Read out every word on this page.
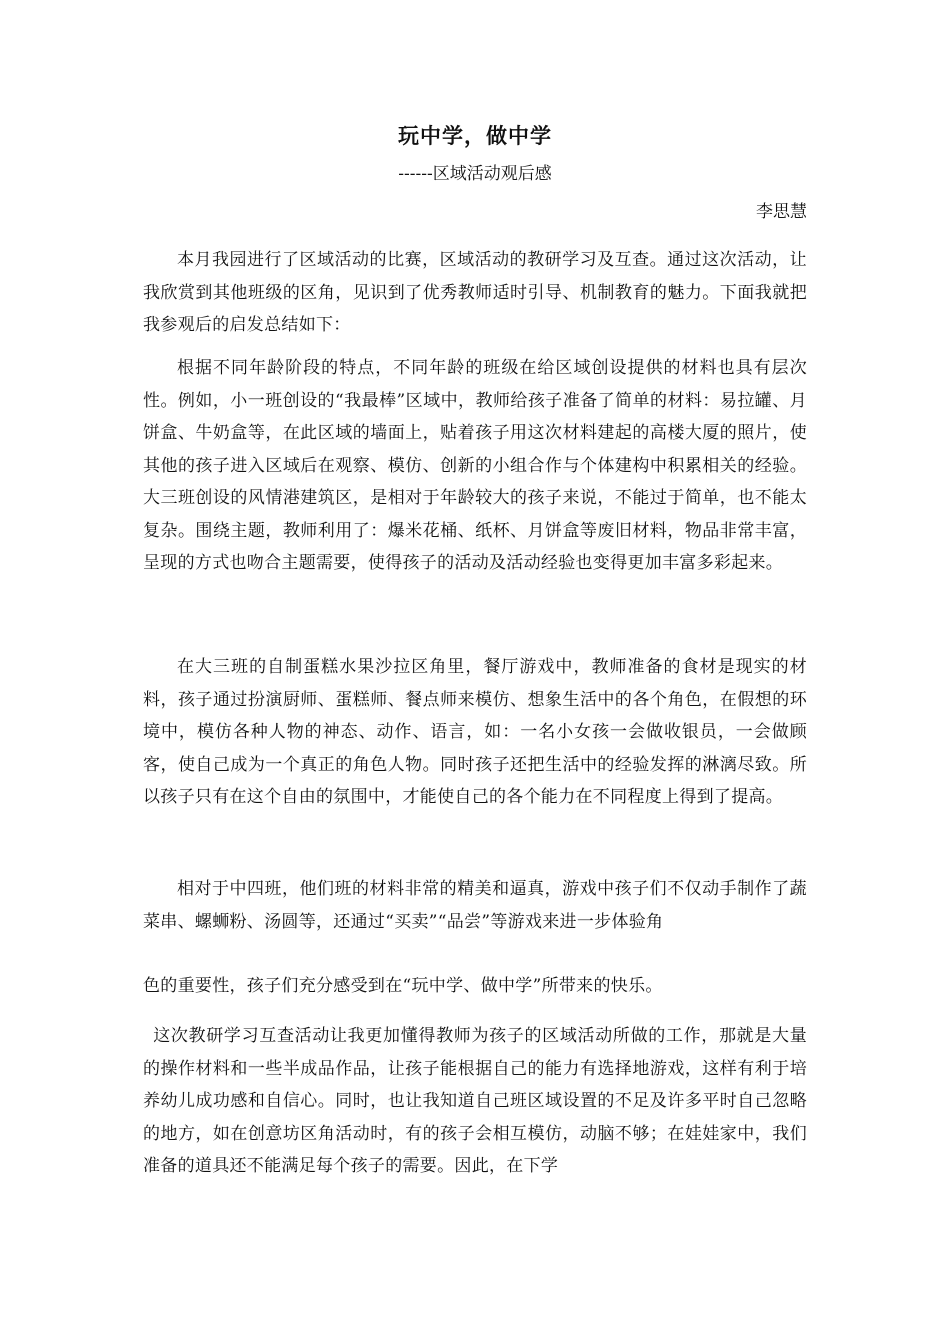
玩中学，做中学
------区域活动观后感
李思慧

本月我园进行了区域活动的比赛，区域活动的教研学习及互查。通过这次活动，让我欣赏到其他班级的区角，见识到了优秀教师适时引导、机制教育的魅力。下面我就把我参观后的启发总结如下：

根据不同年龄阶段的特点，不同年龄的班级在给区域创设提供的材料也具有层次性。例如，小一班创设的“我最棒”区域中，教师给孩子准备了简单的材料：易拉罐、月饼盒、牛奶盒等，在此区域的墙面上，贴着孩子用这次材料建起的高楼大厦的照片，使其他的孩子进入区域后在观察、模仿、创新的小组合作与个体建构中积累相关的经验。大三班创设的风情港建筑区，是相对于年龄较大的孩子来说，不能过于简单，也不能太复杂。围绕主题，教师利用了：爆米花桶、纸杯、月饼盒等废旧材料，物品非常丰富，呈现的方式也吻合主题需要，使得孩子的活动及活动经验也变得更加丰富多彩起来。

在大三班的自制蛋糕水果沙拉区角里，餐厅游戏中，教师准备的食材是现实的材料，孩子通过扮演厨师、蛋糕师、餐点师来模仿、想象生活中的各个角色，在假想的环境中，模仿各种人物的神态、动作、语言，如：一名小女孩一会做收银员，一会做顾客，使自己成为一个真正的角色人物。同时孩子还把生活中的经验发挥的淋漓尽致。所以孩子只有在这个自由的氛围中，才能使自己的各个能力在不同程度上得到了提高。

相对于中四班，他们班的材料非常的精美和逼真，游戏中孩子们不仅动手制作了蔬菜串、螺蛳粉、汤圆等，还通过“买卖”“品尝”等游戏来进一步体验角

色的重要性，孩子们充分感受到在“玩中学、做中学”所带来的快乐。

这次教研学习互查活动让我更加懂得教师为孩子的区域活动所做的工作，那就是大量的操作材料和一些半成品作品，让孩子能根据自己的能力有选择地游戏，这样有利于培养幼儿成功感和自信心。同时，也让我知道自己班区域设置的不足及许多平时自己忽略的地方，如在创意坊区角活动时，有的孩子会相互模仿，动脑不够；在娃娃家中，我们准备的道具还不能满足每个孩子的需要。因此，在下学
